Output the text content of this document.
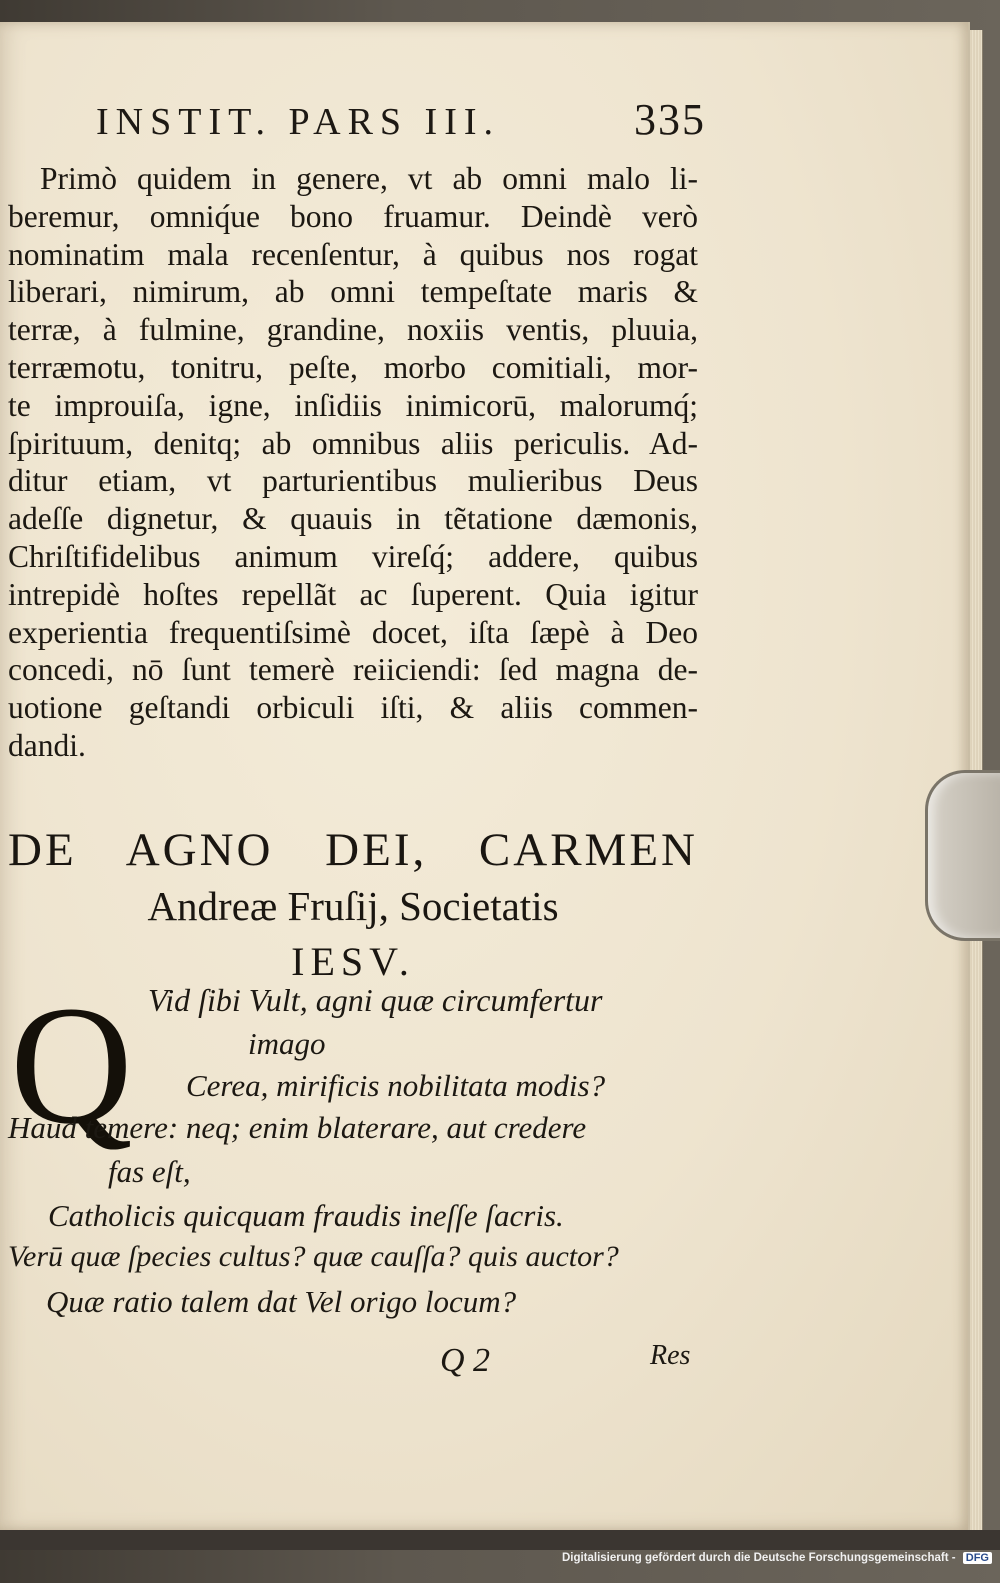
INSTIT. PARS III.	335
Primò quidem in genere, vt ab omni malo li-
beremur, omniq́ue bono fruamur. Deindè verò
nominatim mala recenſentur, à quibus nos rogat
liberari, nimirum, ab omni tempeſtate maris &
terræ, à fulmine, grandine, noxiis ventis, pluuia,
terræmotu, tonitru, peſte, morbo comitiali, mor-
te improuiſa, igne, inſidiis inimicorū, malorumq́;
ſpirituum, denitq; ab omnibus aliis periculis. Ad-
ditur etiam, vt parturientibus mulieribus Deus
adeſſe dignetur, & quauis in tẽtatione dæmonis,
Chriſtifidelibus animum vireſq́; addere, quibus
intrepidè hoſtes repellãt ac ſuperent. Quia igitur
experientia frequentiſsimè docet, iſta ſæpè à Deo
concedi, nō ſunt temerè reiiciendi: ſed magna de-
uotione geſtandi orbiculi iſti, & aliis commen-
dandi.
DE AGNO DEI, CARMEN
Andreæ Fruſij, Societatis
IESV.
Q Vid ſibi Vult, agni quæ circumfertur
imago
Cerea, mirificis nobilitata modis?
Haud temere: neq; enim blaterare, aut credere
fas eſt,
Catholicis quicquam fraudis ineſſe ſacris.
Verū quæ ſpecies cultus? quæ cauſſa? quis auctor?
Quæ ratio talem dat Vel origo locum?
Q 2	Res
Digitalisierung gefördert durch die Deutsche Forschungsgemeinschaft - DFG
